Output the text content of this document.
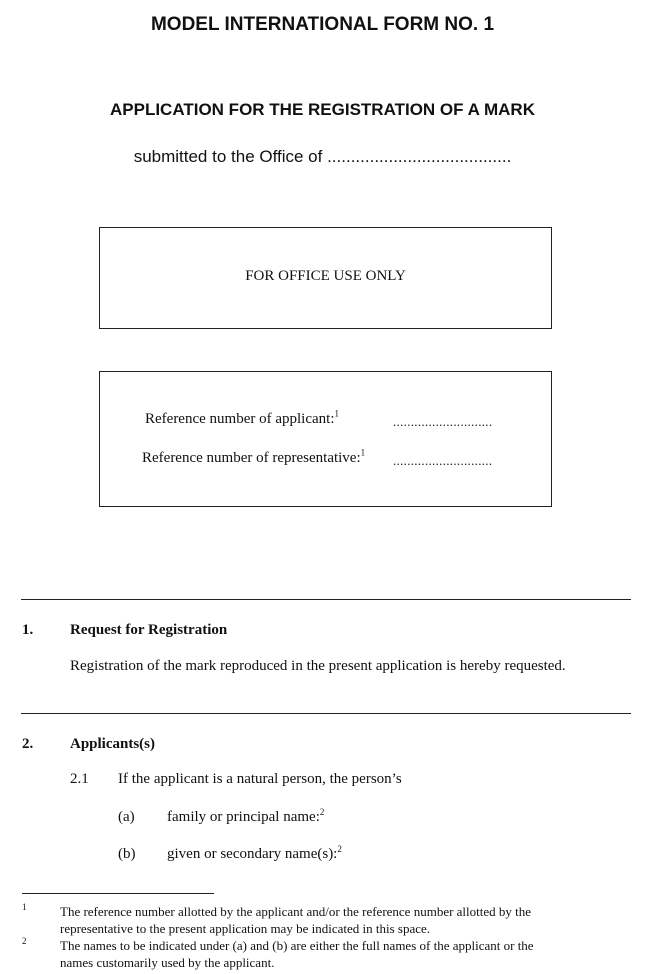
MODEL INTERNATIONAL FORM NO. 1
APPLICATION FOR THE REGISTRATION OF A MARK
submitted to the Office of .......................................
FOR OFFICE USE ONLY
Reference number of applicant:$^1$
............................
Reference number of representative:$^1$
............................
1. Request for Registration
Registration of the mark reproduced in the present application is hereby requested.
2. Applicants(s)
2.1 If the applicant is a natural person, the person’s
(a) family or principal name:$^2$
(b) given or secondary name(s):$^2$
1	The reference number allotted by the applicant and/or the reference number allotted by the
representative to the present application may be indicated in this space.
2	The names to be indicated under (a) and (b) are either the full names of the applicant or the
names customarily used by the applicant.
